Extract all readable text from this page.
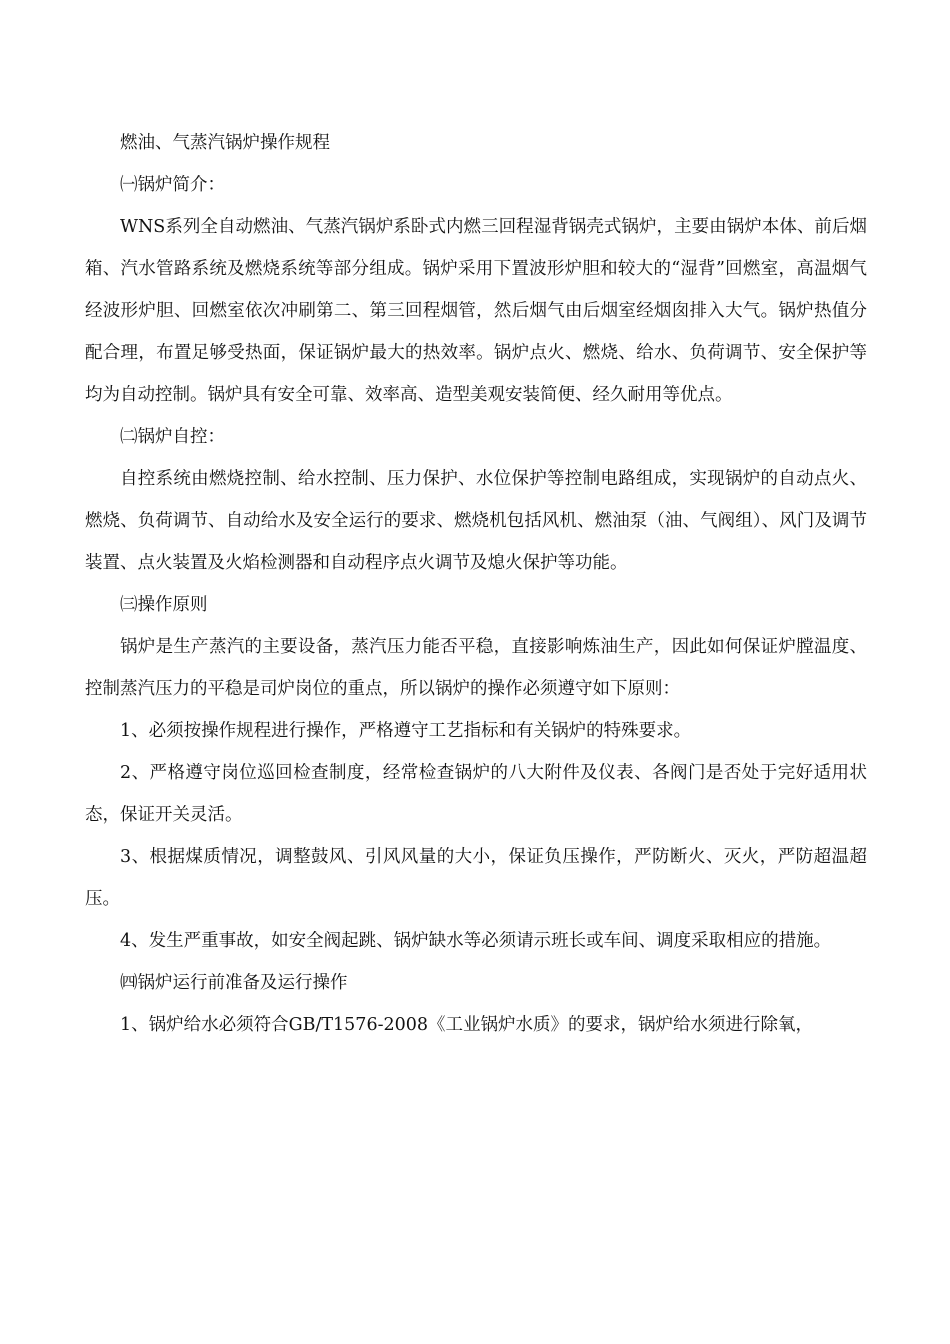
燃油、气蒸汽锅炉操作规程

㈠锅炉简介：

WNS系列全自动燃油、气蒸汽锅炉系卧式内燃三回程湿背锅壳式锅炉，主要由锅炉本体、前后烟箱、汽水管路系统及燃烧系统等部分组成。锅炉采用下置波形炉胆和较大的“湿背”回燃室，高温烟气经波形炉胆、回燃室依次冲刷第二、第三回程烟管，然后烟气由后烟室经烟囱排入大气。锅炉热值分配合理，布置足够受热面，保证锅炉最大的热效率。锅炉点火、燃烧、给水、负荷调节、安全保护等均为自动控制。锅炉具有安全可靠、效率高、造型美观安装简便、经久耐用等优点。

㈡锅炉自控：

自控系统由燃烧控制、给水控制、压力保护、水位保护等控制电路组成，实现锅炉的自动点火、燃烧、负荷调节、自动给水及安全运行的要求、燃烧机包括风机、燃油泵（油、气阀组）、风门及调节装置、点火装置及火焰检测器和自动程序点火调节及熄火保护等功能。

㈢操作原则

锅炉是生产蒸汽的主要设备，蒸汽压力能否平稳，直接影响炼油生产，因此如何保证炉膛温度、控制蒸汽压力的平稳是司炉岗位的重点，所以锅炉的操作必须遵守如下原则：

1、必须按操作规程进行操作，严格遵守工艺指标和有关锅炉的特殊要求。

2、严格遵守岗位巡回检查制度，经常检查锅炉的八大附件及仪表、各阀门是否处于完好适用状态，保证开关灵活。

3、根据煤质情况，调整鼓风、引风风量的大小，保证负压操作，严防断火、灭火，严防超温超压。

4、发生严重事故，如安全阀起跳、锅炉缺水等必须请示班长或车间、调度采取相应的措施。

㈣锅炉运行前准备及运行操作

1、锅炉给水必须符合GB/T1576-2008《工业锅炉水质》的要求，锅炉给水须进行除氧，
